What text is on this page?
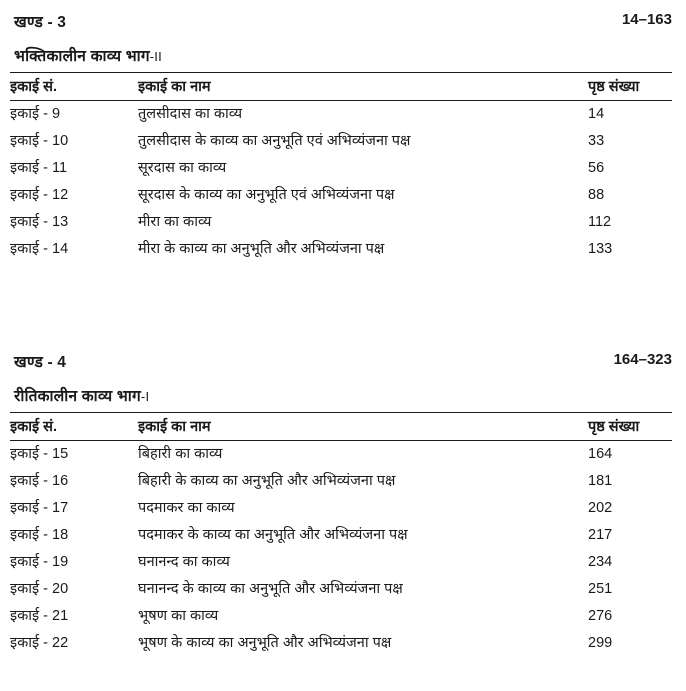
खण्ड - 3	14–163
भक्तिकालीन काव्य भाग-II
इकाई सं.	इकाई का नाम	पृष्ठ संख्या
इकाई - 9	तुलसीदास का काव्य	14
इकाई - 10	तुलसीदास के काव्य का अनुभूति एवं अभिव्यंजना पक्ष	33
इकाई - 11	सूरदास का काव्य	56
इकाई - 12	सूरदास के काव्य का अनुभूति एवं अभिव्यंजना पक्ष	88
इकाई - 13	मीरा का काव्य	112
इकाई - 14	मीरा के काव्य का अनुभूति और अभिव्यंजना पक्ष	133
खण्ड - 4	164–323
रीतिकालीन काव्य भाग-I
इकाई सं.	इकाई का नाम	पृष्ठ संख्या
इकाई - 15	बिहारी का काव्य	164
इकाई - 16	बिहारी के काव्य का अनुभूति और अभिव्यंजना पक्ष	181
इकाई - 17	पदमाकर का काव्य	202
इकाई - 18	पदमाकर के काव्य का अनुभूति और अभिव्यंजना पक्ष	217
इकाई - 19	घनानन्द का काव्य	234
इकाई - 20	घनानन्द के काव्य का अनुभूति और अभिव्यंजना पक्ष	251
इकाई - 21	भूषण का काव्य	276
इकाई - 22	भूषण के काव्य का अनुभूति और अभिव्यंजना पक्ष	299
